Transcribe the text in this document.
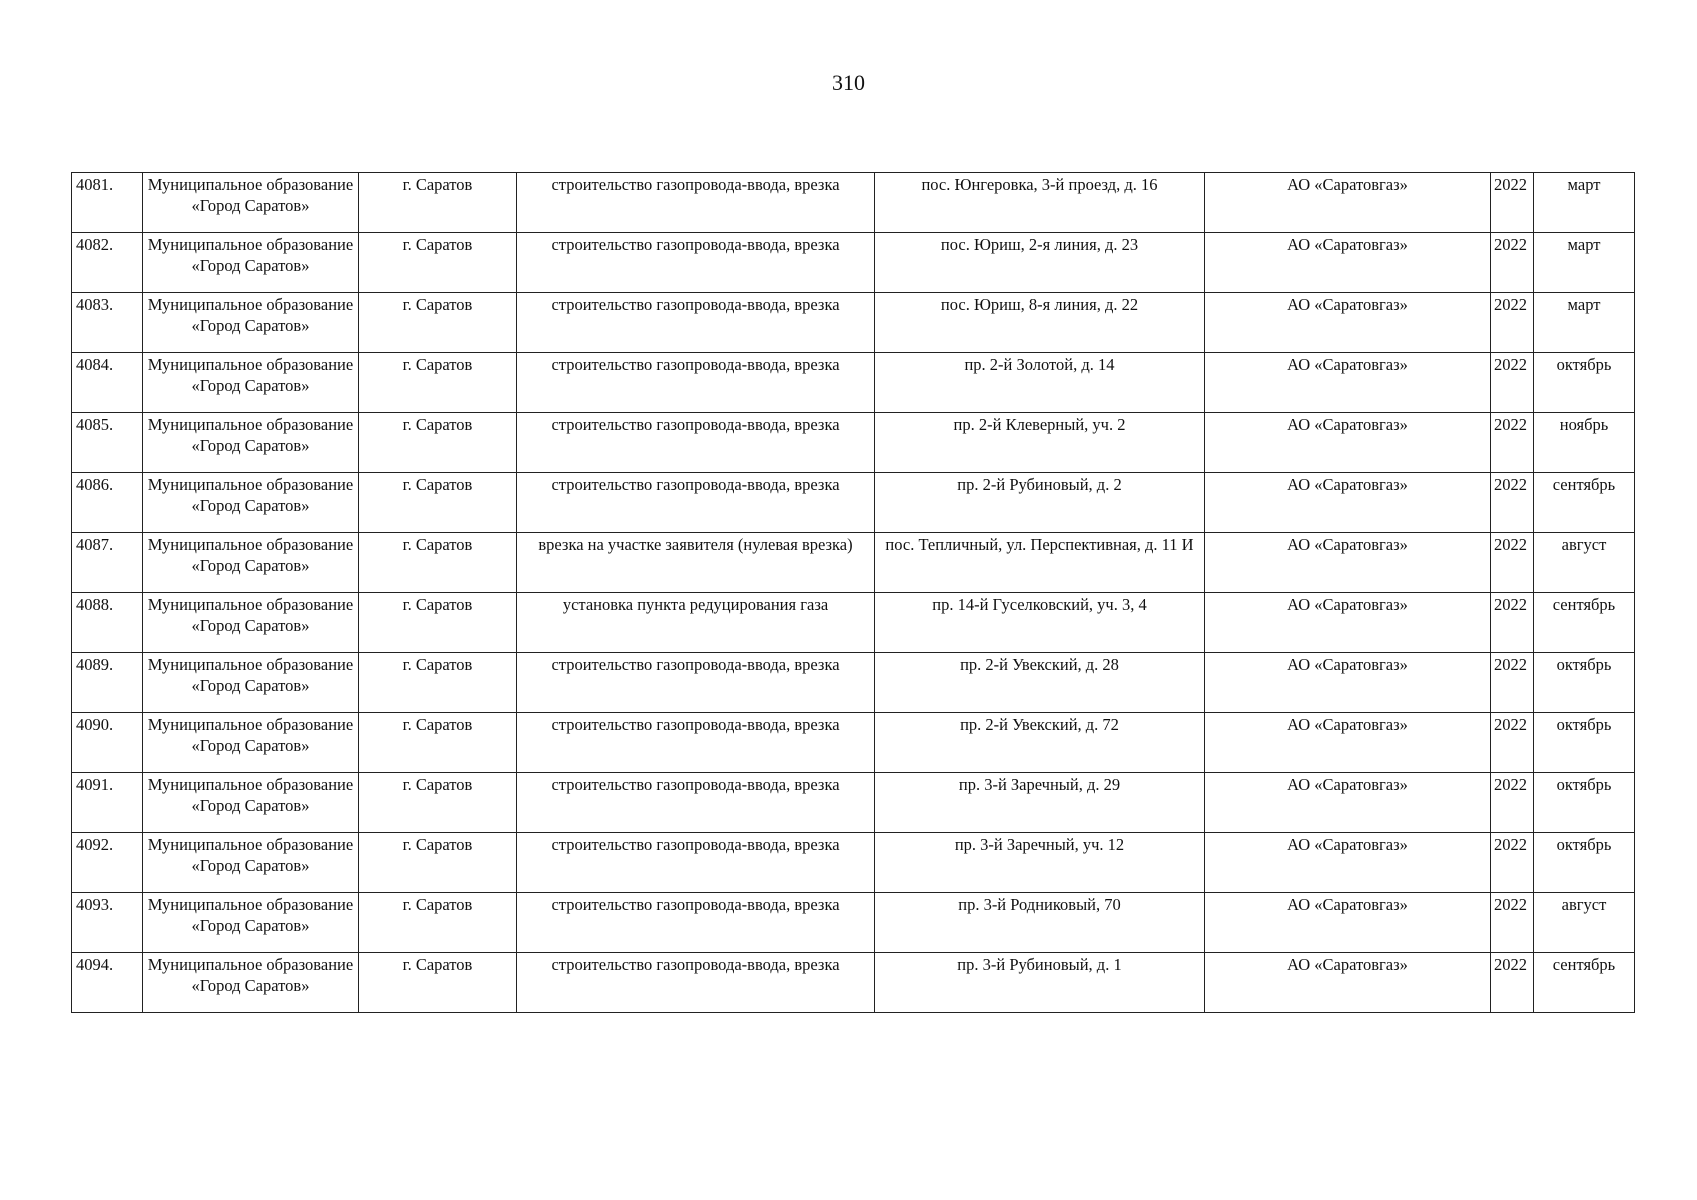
310
4081.	Муниципальное образование «Город Саратов»	г. Саратов	строительство газопровода-ввода, врезка	пос. Юнгеровка, 3-й проезд, д. 16	АО «Саратовгаз»	2022	март
4082.	Муниципальное образование «Город Саратов»	г. Саратов	строительство газопровода-ввода, врезка	пос. Юриш, 2-я линия, д. 23	АО «Саратовгаз»	2022	март
4083.	Муниципальное образование «Город Саратов»	г. Саратов	строительство газопровода-ввода, врезка	пос. Юриш, 8-я линия, д. 22	АО «Саратовгаз»	2022	март
4084.	Муниципальное образование «Город Саратов»	г. Саратов	строительство газопровода-ввода, врезка	пр. 2-й Золотой, д. 14	АО «Саратовгаз»	2022	октябрь
4085.	Муниципальное образование «Город Саратов»	г. Саратов	строительство газопровода-ввода, врезка	пр. 2-й Клеверный, уч. 2	АО «Саратовгаз»	2022	ноябрь
4086.	Муниципальное образование «Город Саратов»	г. Саратов	строительство газопровода-ввода, врезка	пр. 2-й Рубиновый, д. 2	АО «Саратовгаз»	2022	сентябрь
4087.	Муниципальное образование «Город Саратов»	г. Саратов	врезка на участке заявителя (нулевая врезка)	пос. Тепличный, ул. Перспективная, д. 11 И	АО «Саратовгаз»	2022	август
4088.	Муниципальное образование «Город Саратов»	г. Саратов	установка пункта редуцирования газа	пр. 14-й Гуселковский, уч. 3, 4	АО «Саратовгаз»	2022	сентябрь
4089.	Муниципальное образование «Город Саратов»	г. Саратов	строительство газопровода-ввода, врезка	пр. 2-й Увекский, д. 28	АО «Саратовгаз»	2022	октябрь
4090.	Муниципальное образование «Город Саратов»	г. Саратов	строительство газопровода-ввода, врезка	пр. 2-й Увекский, д. 72	АО «Саратовгаз»	2022	октябрь
4091.	Муниципальное образование «Город Саратов»	г. Саратов	строительство газопровода-ввода, врезка	пр. 3-й Заречный, д. 29	АО «Саратовгаз»	2022	октябрь
4092.	Муниципальное образование «Город Саратов»	г. Саратов	строительство газопровода-ввода, врезка	пр. 3-й Заречный, уч. 12	АО «Саратовгаз»	2022	октябрь
4093.	Муниципальное образование «Город Саратов»	г. Саратов	строительство газопровода-ввода, врезка	пр. 3-й Родниковый, 70	АО «Саратовгаз»	2022	август
4094.	Муниципальное образование «Город Саратов»	г. Саратов	строительство газопровода-ввода, врезка	пр. 3-й Рубиновый, д. 1	АО «Саратовгаз»	2022	сентябрь
